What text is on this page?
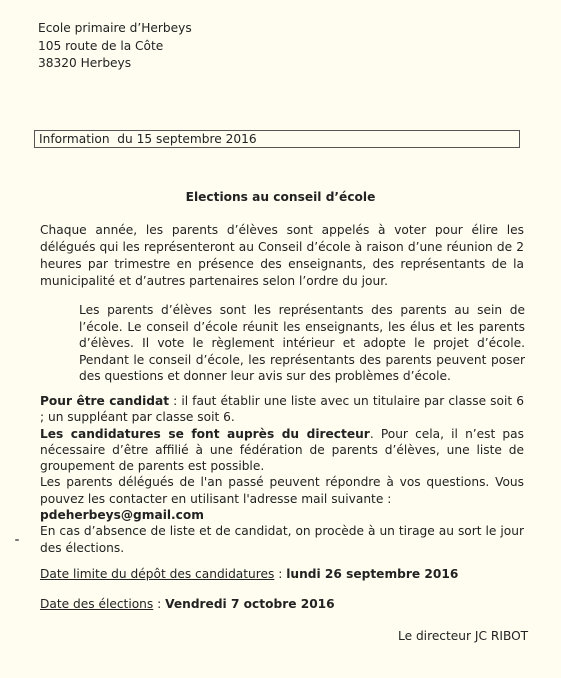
Ecole primaire d’Herbeys
105 route de la Côte
38320 Herbeys
Information  du 15 septembre 2016
Elections au conseil d’école
Chaque année, les parents d’élèves sont appelés à voter pour élire les délégués qui les représenteront au Conseil d’école à raison d’une réunion de 2 heures par trimestre en présence des enseignants, des représentants de la municipalité et d’autres partenaires selon l’ordre du jour.
Les parents d’élèves sont les représentants des parents au sein de l’école. Le conseil d’école réunit les enseignants, les élus et les parents d’élèves. Il vote le règlement intérieur et adopte le projet d’école. Pendant le conseil d’école, les représentants des parents peuvent poser des questions et donner leur avis sur des problèmes d’école.

Pour être candidat : il faut établir une liste avec un titulaire par classe soit 6 ; un suppléant par classe soit 6.

Les candidatures se font auprès du directeur. Pour cela, il n’est pas nécessaire d’être affilié à une fédération de parents d’élèves, une liste de groupement de parents est possible.

Les parents délégués de l'an passé peuvent répondre à vos questions. Vous pouvez les contacter en utilisant l'adresse mail suivante :

pdeherbeys@gmail.com

En cas d’absence de liste et de candidat, on procède à un tirage au sort le jour des élections.

Date limite du dépôt des candidatures : lundi 26 septembre 2016
Date des élections : Vendredi 7 octobre 2016
Le directeur JC RIBOT
